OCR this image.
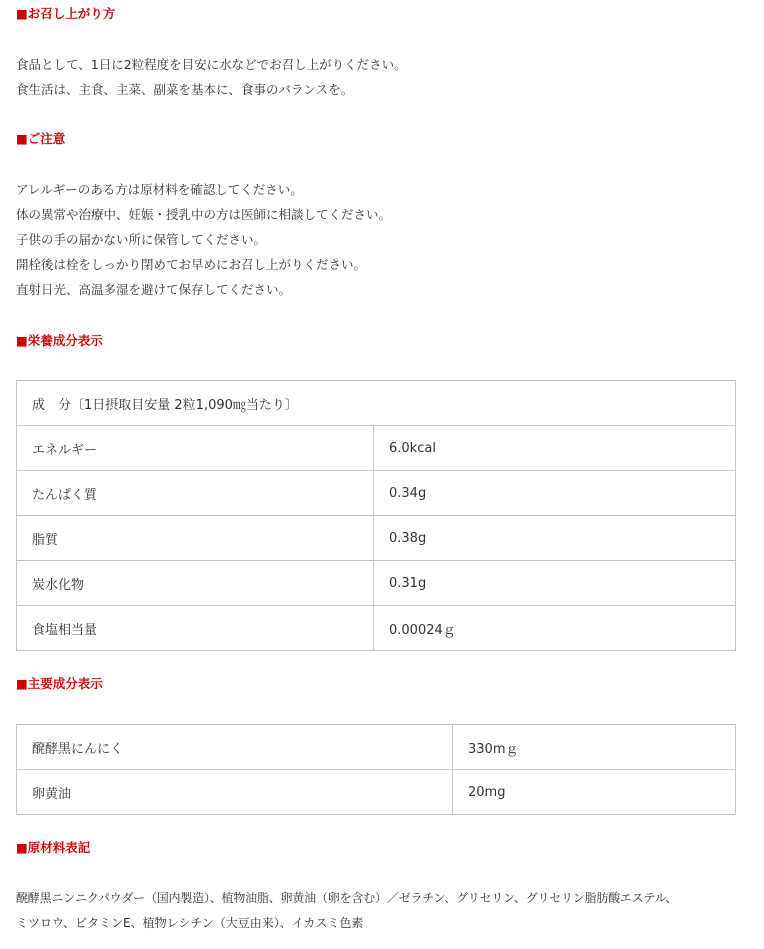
■お召し上がり方
食品として、1日に2粒程度を目安に水などでお召し上がりください。
食生活は、主食、主菜、副菜を基本に、食事のバランスを。
■ご注意
アレルギーのある方は原材料を確認してください。
体の異常や治療中、妊娠・授乳中の方は医師に相談してください。
子供の手の届かない所に保管してください。
開栓後は栓をしっかり閉めてお早めにお召し上がりください。
直射日光、高温多湿を避けて保存してください。
■栄養成分表示
成　分〔1日摂取目安量 2粒1,090㎎当たり〕	
エネルギー	6.0kcal
たんぱく質	0.34g
脂質	0.38g
炭水化物	0.31g
食塩相当量	0.00024ｇ
■主要成分表示
醗酵黒にんにく	330mｇ
卵黄油	20mg
■原材料表記
醗酵黒ニンニクパウダー（国内製造）、植物油脂、卵黄油（卵を含む）／ゼラチン、グリセリン、グリセリン脂肪酸エステル、
ミツロウ、ビタミンE、植物レシチン（大豆由来）、イカスミ色素
